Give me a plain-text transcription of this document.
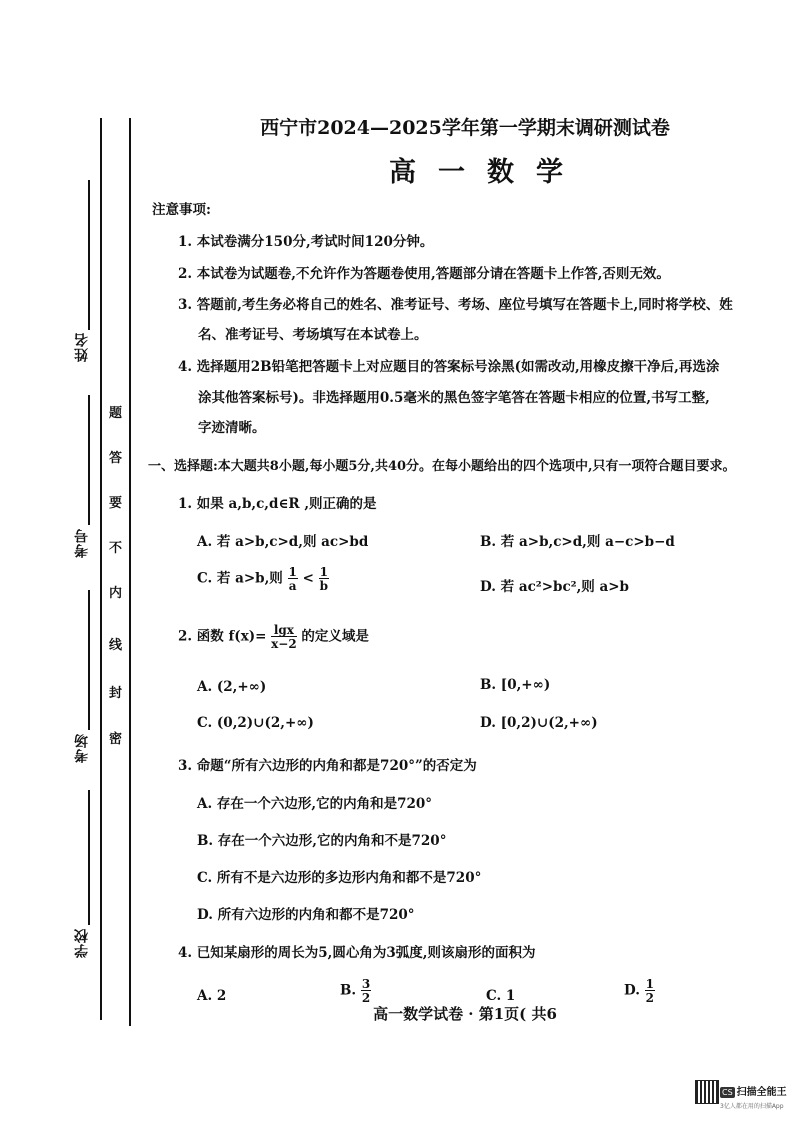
姓名
考号
考场
学校
题
答
要
不
内
线
封
密
西宁市2024—2025学年第一学期末调研测试卷
高一数学
注意事项:
1. 本试卷满分150分,考试时间120分钟。
2. 本试卷为试题卷,不允许作为答题卷使用,答题部分请在答题卡上作答,否则无效。
3. 答题前,考生务必将自己的姓名、准考证号、考场、座位号填写在答题卡上,同时将学校、姓
名、准考证号、考场填写在本试卷上。
4. 选择题用2B铅笔把答题卡上对应题目的答案标号涂黑(如需改动,用橡皮擦干净后,再选涂
涂其他答案标号)。非选择题用0.5毫米的黑色签字笔答在答题卡相应的位置,书写工整,
字迹清晰。
一、选择题:本大题共8小题,每小题5分,共40分。在每小题给出的四个选项中,只有一项符合题目要求。
1. 如果 a,b,c,d∈R ,则正确的是
A. 若 a>b,c>d,则 ac>bd	B. 若 a>b,c>d,则 a−c>b−d
C. 若 a>b,则 $\frac{1}{a} < \frac{1}{b}$	D. 若 ac²>bc²,则 a>b
2. 函数 $f(x)= \frac{\lg x}{x-2}$ 的定义域是
A. (2,+∞)	B. [0,+∞)
C. (0,2)∪(2,+∞)	D. [0,2)∪(2,+∞)
3. 命题“所有六边形的内角和都是720°”的否定为
A. 存在一个六边形,它的内角和是720°
B. 存在一个六边形,它的内角和不是720°
C. 所有不是六边形的多边形内角和都不是720°
D. 所有六边形的内角和都不是720°
4. 已知某扇形的周长为5,圆心角为3弧度,则该扇形的面积为
A. 2	B. $\frac{3}{2}$	C. 1	D. $\frac{1}{2}$
高一数学试卷 · 第1页( 共6
CS 扫描全能王
3亿人都在用的扫描App
